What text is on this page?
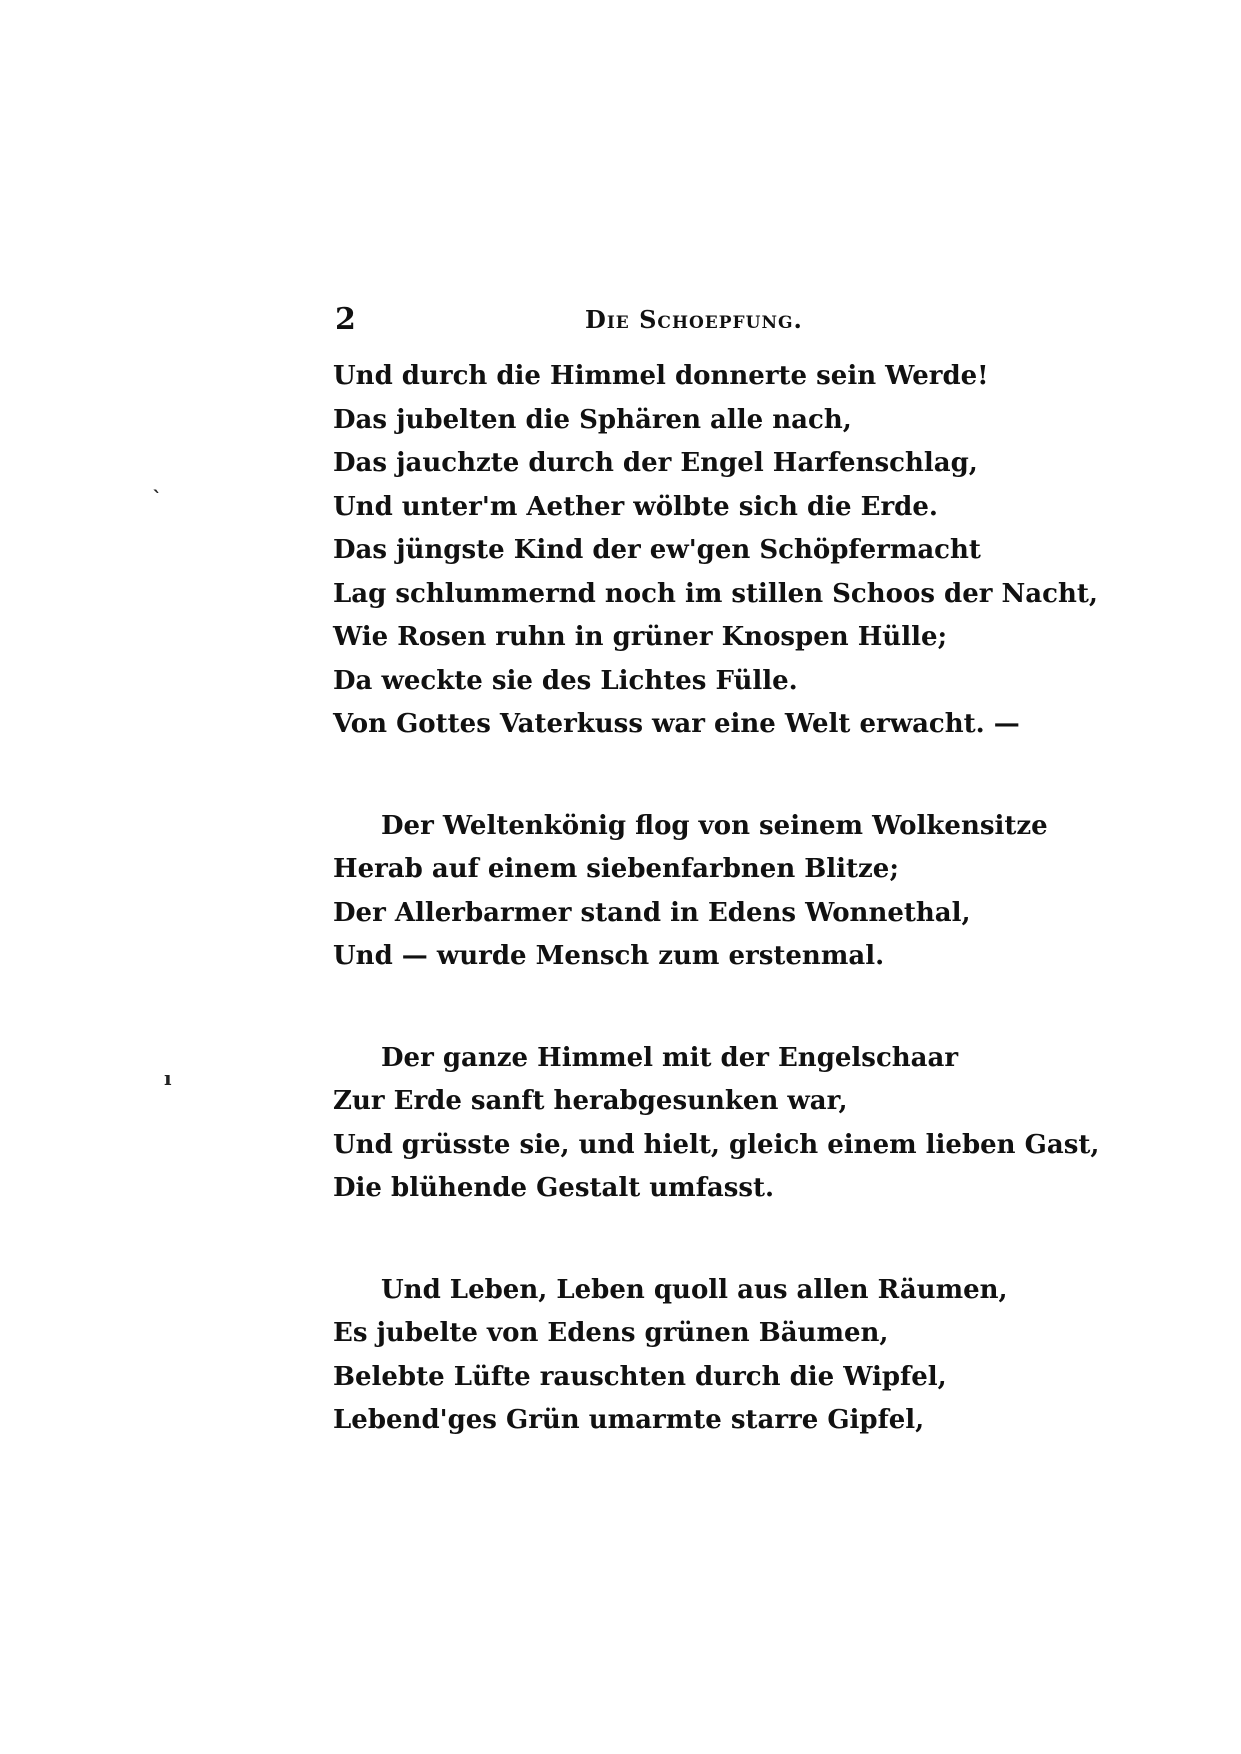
2	Die Schoepfung.
`
ı
Und durch die Himmel donnerte sein Werde!
Das jubelten die Sphären alle nach,
Das jauchzte durch der Engel Harfenschlag,
Und unter'm Aether wölbte sich die Erde.
Das jüngste Kind der ew'gen Schöpfermacht
Lag schlummernd noch im stillen Schoos der Nacht,
Wie Rosen ruhn in grüner Knospen Hülle;
Da weckte sie des Lichtes Fülle.
Von Gottes Vaterkuss war eine Welt erwacht. —
Der Weltenkönig flog von seinem Wolkensitze
Herab auf einem siebenfarbnen Blitze;
Der Allerbarmer stand in Edens Wonnethal,
Und — wurde Mensch zum erstenmal.
Der ganze Himmel mit der Engelschaar
Zur Erde sanft herabgesunken war,
Und grüsste sie, und hielt, gleich einem lieben Gast,
Die blühende Gestalt umfasst.
Und Leben, Leben quoll aus allen Räumen,
Es jubelte von Edens grünen Bäumen,
Belebte Lüfte rauschten durch die Wipfel,
Lebend'ges Grün umarmte starre Gipfel,
